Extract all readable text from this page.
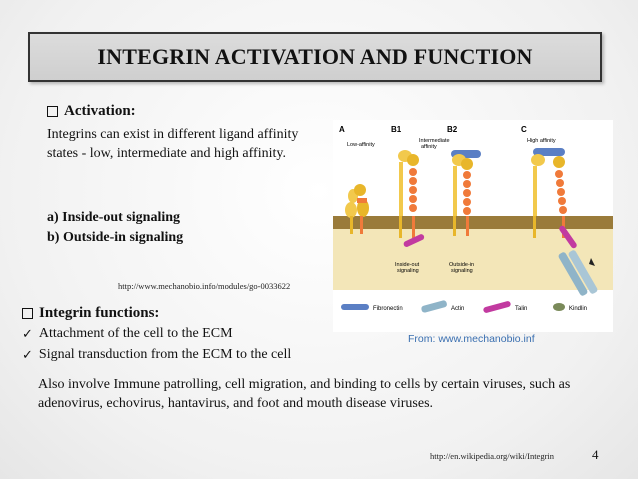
INTEGRIN ACTIVATION AND FUNCTION
Activation:
Integrins can exist in different ligand affinity states - low, intermediate and high affinity.
a) Inside-out signaling
b) Outside-in signaling
http://www.mechanobio.info/modules/go-0033622
A	B1	B2	C
Low-affinity
Intermediate
affinity
High affinity
Inside-out
signaling
Outside-in
signaling
Fibronectin	Actin	Talin	Kindlin
From: www.mechanobio.inf
Integrin functions:
✓ Attachment of the cell to the ECM
✓ Signal transduction from the ECM to the cell
Also involve Immune patrolling, cell migration, and binding to cells by certain viruses, such as adenovirus, echovirus, hantavirus, and foot and mouth disease viruses.
http://en.wikipedia.org/wiki/Integrin	4
